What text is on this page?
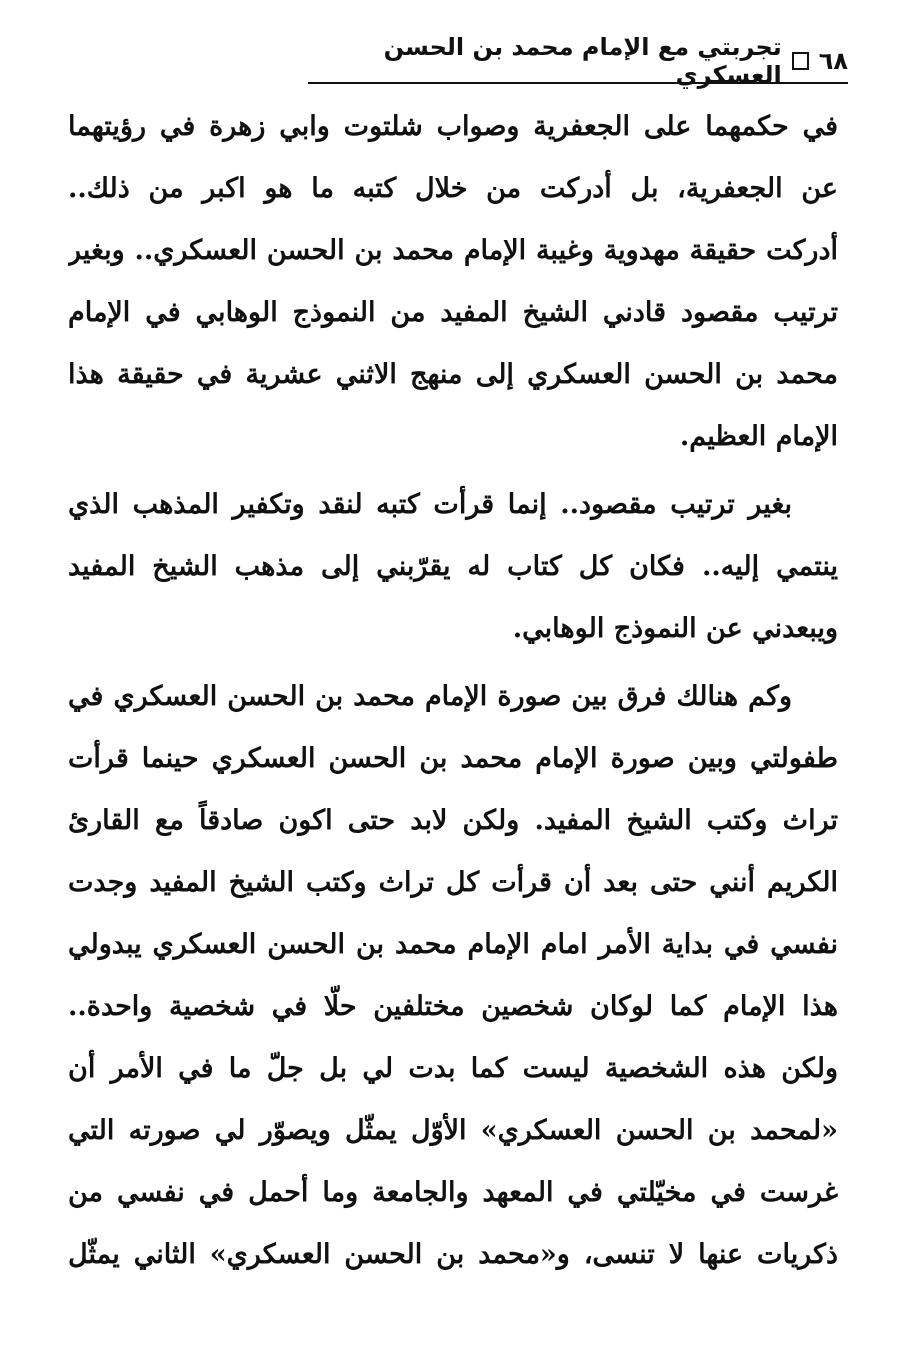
٦٨
تجربتي مع الإمام محمد بن الحسن العسكري
في حكمهما على الجعفرية وصواب شلتوت وابي زهرة في رؤيتهما
عن الجعفرية، بل أدركت من خلال كتبه ما هو اكبر من ذلك..
أدركت حقيقة مهدوية وغيبة الإمام محمد بن الحسن العسكري.. وبغير
ترتيب مقصود قادني الشيخ المفيد من النموذج الوهابي في الإمام
محمد بن الحسن العسكري إلى منهج الاثني عشرية في حقيقة هذا
الإمام العظيم.
بغير ترتيب مقصود.. إنما قرأت كتبه لنقد وتكفير المذهب الذي
ينتمي إليه.. فكان كل كتاب له يقرّبني إلى مذهب الشيخ المفيد
ويبعدني عن النموذج الوهابي.
وكم هنالك فرق بين صورة الإمام محمد بن الحسن العسكري في
طفولتي وبين صورة الإمام محمد بن الحسن العسكري حينما قرأت
تراث وكتب الشيخ المفيد. ولكن لابد حتى اكون صادقاً مع القارئ
الكريم أنني حتى بعد أن قرأت كل تراث وكتب الشيخ المفيد وجدت
نفسي في بداية الأمر امام الإمام محمد بن الحسن العسكري يبدولي
هذا الإمام كما لوكان شخصين مختلفين حلّا في شخصية واحدة..
ولكن هذه الشخصية ليست كما بدت لي بل جلّ ما في الأمر أن
«لمحمد بن الحسن العسكري» الأوّل يمثّل ويصوّر لي صورته التي
غرست في مخيّلتي في المعهد والجامعة وما أحمل في نفسي من
ذكريات عنها لا تنسى، و«محمد بن الحسن العسكري» الثاني يمثّل
